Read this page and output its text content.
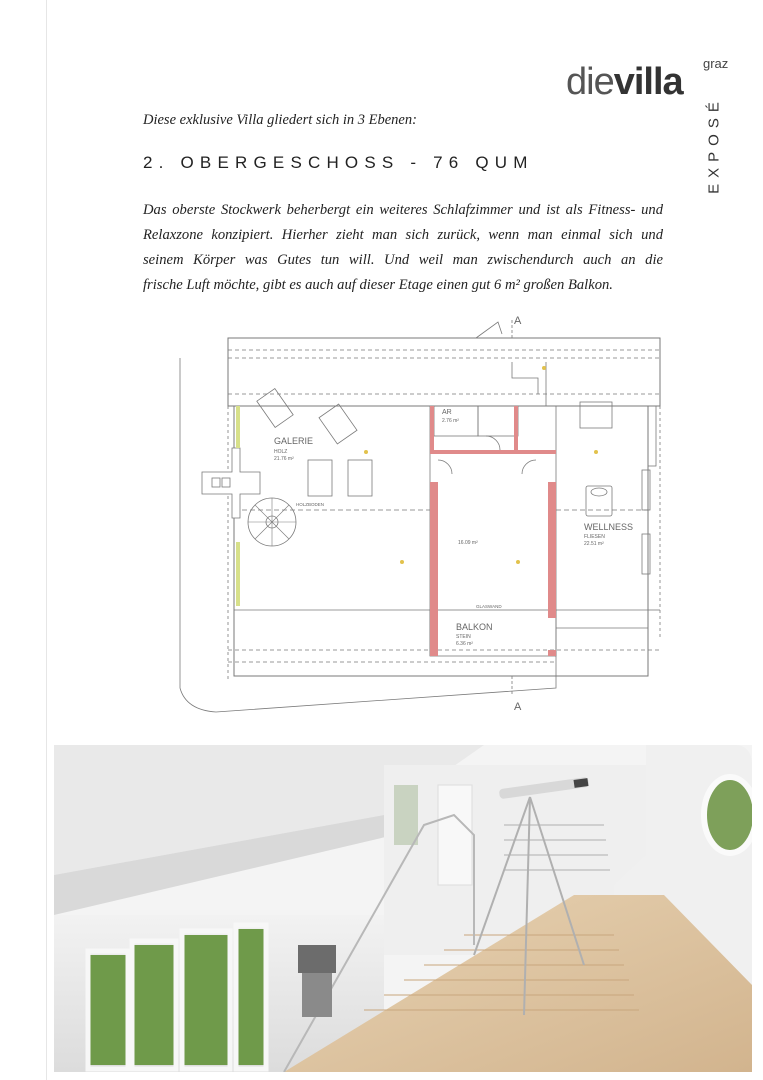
dievilla graz
EXPOSÉ
Diese exklusive Villa gliedert sich in 3 Ebenen:
2. OBERGESCHOSS - 76 QUM
Das oberste Stockwerk beherbergt ein weiteres Schlafzimmer und ist als Fitness- und
Relaxzone konzipiert. Hierher zieht man sich zurück, wenn man einmal sich und
seinem Körper was Gutes tun will. Und weil man zwischendurch auch an die
frische Luft möchte, gibt es auch auf dieser Etage einen gut 6 m² großen Balkon.
A
A
GALERIE
HOLZ
21.76 m²
AR
2.76 m²
WELLNESS
FLIESEN
22.51 m²
16.09 m²
BALKON
STEIN
6.36 m²
HOLZBODEN
GLASWAND
